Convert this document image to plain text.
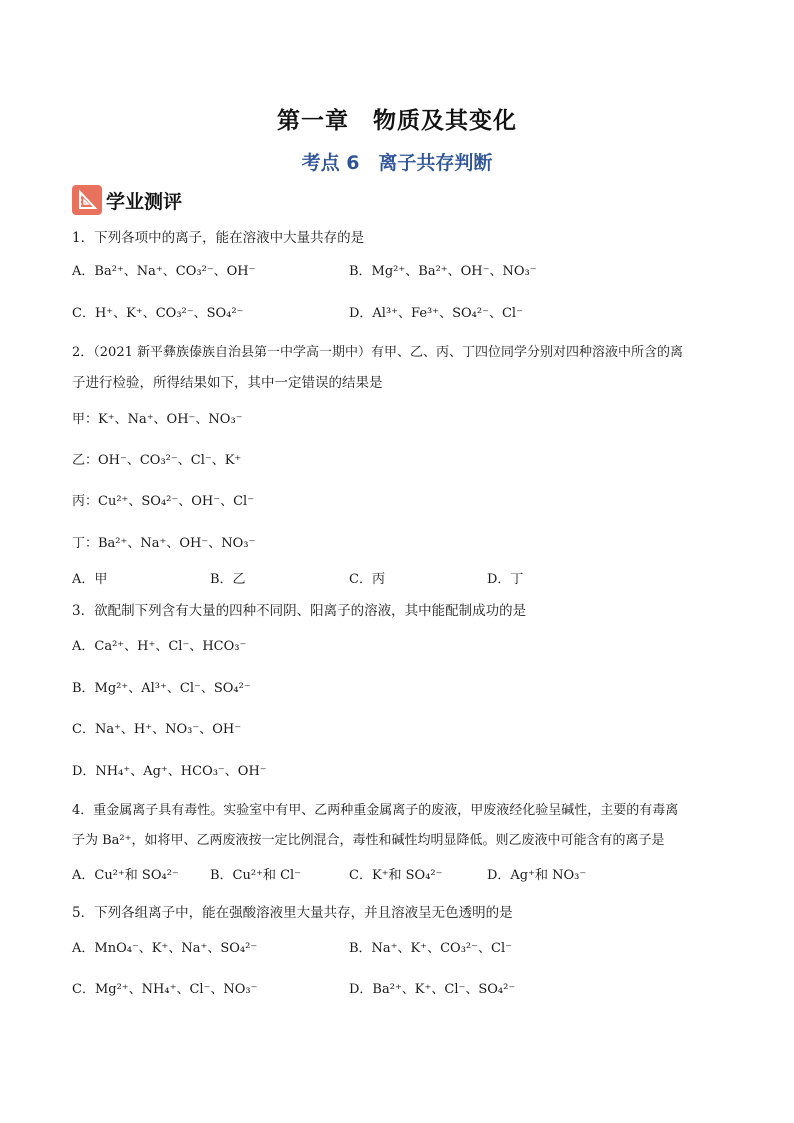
第一章　物质及其变化
考点 6　离子共存判断
学业测评
1．下列各项中的离子，能在溶液中大量共存的是
A．Ba²⁺、Na⁺、CO₃²⁻、OH⁻	B．Mg²⁺、Ba²⁺、OH⁻、NO₃⁻
C．H⁺、K⁺、CO₃²⁻、SO₄²⁻	D．Al³⁺、Fe³⁺、SO₄²⁻、Cl⁻
2．（2021 新平彝族傣族自治县第一中学高一期中）有甲、乙、丙、丁四位同学分别对四种溶液中所含的离
子进行检验，所得结果如下，其中一定错误的结果是
甲：K⁺、Na⁺、OH⁻、NO₃⁻
乙：OH⁻、CO₃²⁻、Cl⁻、K⁺
丙：Cu²⁺、SO₄²⁻、OH⁻、Cl⁻
丁：Ba²⁺、Na⁺、OH⁻、NO₃⁻
A．甲	B．乙	C．丙	D．丁
3．欲配制下列含有大量的四种不同阴、阳离子的溶液，其中能配制成功的是
A．Ca²⁺、H⁺、Cl⁻、HCO₃⁻
B．Mg²⁺、Al³⁺、Cl⁻、SO₄²⁻
C．Na⁺、H⁺、NO₃⁻、OH⁻
D．NH₄⁺、Ag⁺、HCO₃⁻、OH⁻
4．重金属离子具有毒性。实验室中有甲、乙两种重金属离子的废液，甲废液经化验呈碱性，主要的有毒离
子为 Ba²⁺，如将甲、乙两废液按一定比例混合，毒性和碱性均明显降低。则乙废液中可能含有的离子是
A．Cu²⁺和 SO₄²⁻ B．Cu²⁺和 Cl⁻	C．K⁺和 SO₄²⁻	D．Ag⁺和 NO₃⁻
5．下列各组离子中，能在强酸溶液里大量共存，并且溶液呈无色透明的是
A．MnO₄⁻、K⁺、Na⁺、SO₄²⁻	B．Na⁺、K⁺、CO₃²⁻、Cl⁻
C．Mg²⁺、NH₄⁺、Cl⁻、NO₃⁻	D．Ba²⁺、K⁺、Cl⁻、SO₄²⁻
